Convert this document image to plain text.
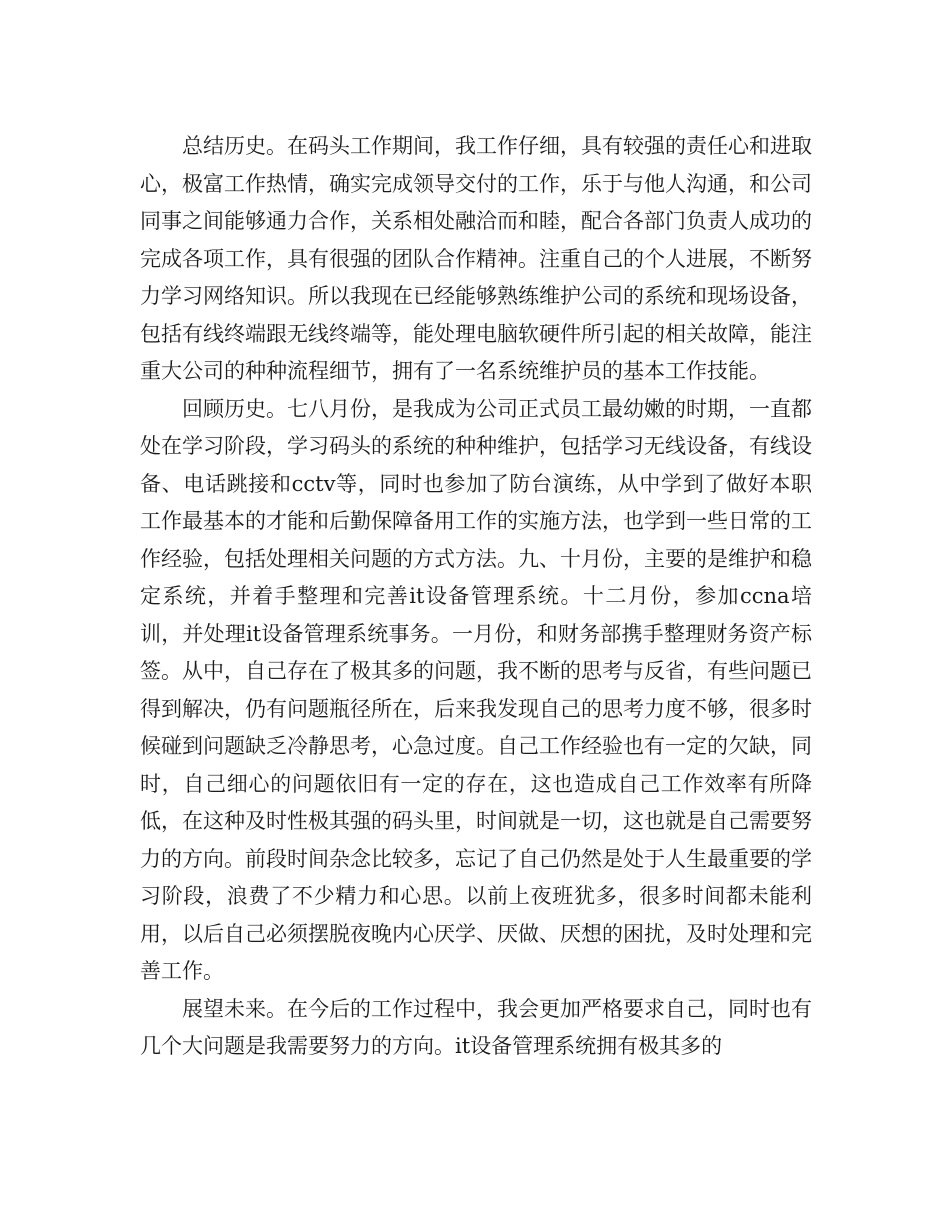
总结历史。在码头工作期间，我工作仔细，具有较强的责任心和进取心，极富工作热情，确实完成领导交付的工作，乐于与他人沟通，和公司同事之间能够通力合作，关系相处融洽而和睦，配合各部门负责人成功的完成各项工作，具有很强的团队合作精神。注重自己的个人进展，不断努力学习网络知识。所以我现在已经能够熟练维护公司的系统和现场设备，包括有线终端跟无线终端等，能处理电脑软硬件所引起的相关故障，能注重大公司的种种流程细节，拥有了一名系统维护员的基本工作技能。

回顾历史。七八月份，是我成为公司正式员工最幼嫩的时期，一直都处在学习阶段，学习码头的系统的种种维护，包括学习无线设备，有线设备、电话跳接和cctv等，同时也参加了防台演练，从中学到了做好本职工作最基本的才能和后勤保障备用工作的实施方法，也学到一些日常的工作经验，包括处理相关问题的方式方法。九、十月份，主要的是维护和稳定系统，并着手整理和完善it设备管理系统。十二月份，参加ccna培训，并处理it设备管理系统事务。一月份，和财务部携手整理财务资产标签。从中，自己存在了极其多的问题，我不断的思考与反省，有些问题已得到解决，仍有问题瓶径所在，后来我发现自己的思考力度不够，很多时候碰到问题缺乏冷静思考，心急过度。自己工作经验也有一定的欠缺，同时，自己细心的问题依旧有一定的存在，这也造成自己工作效率有所降低，在这种及时性极其强的码头里，时间就是一切，这也就是自己需要努力的方向。前段时间杂念比较多，忘记了自己仍然是处于人生最重要的学习阶段，浪费了不少精力和心思。以前上夜班犹多，很多时间都未能利用，以后自己必须摆脱夜晚内心厌学、厌做、厌想的困扰，及时处理和完善工作。

展望未来。在今后的工作过程中，我会更加严格要求自己，同时也有几个大问题是我需要努力的方向。it设备管理系统拥有极其多的
